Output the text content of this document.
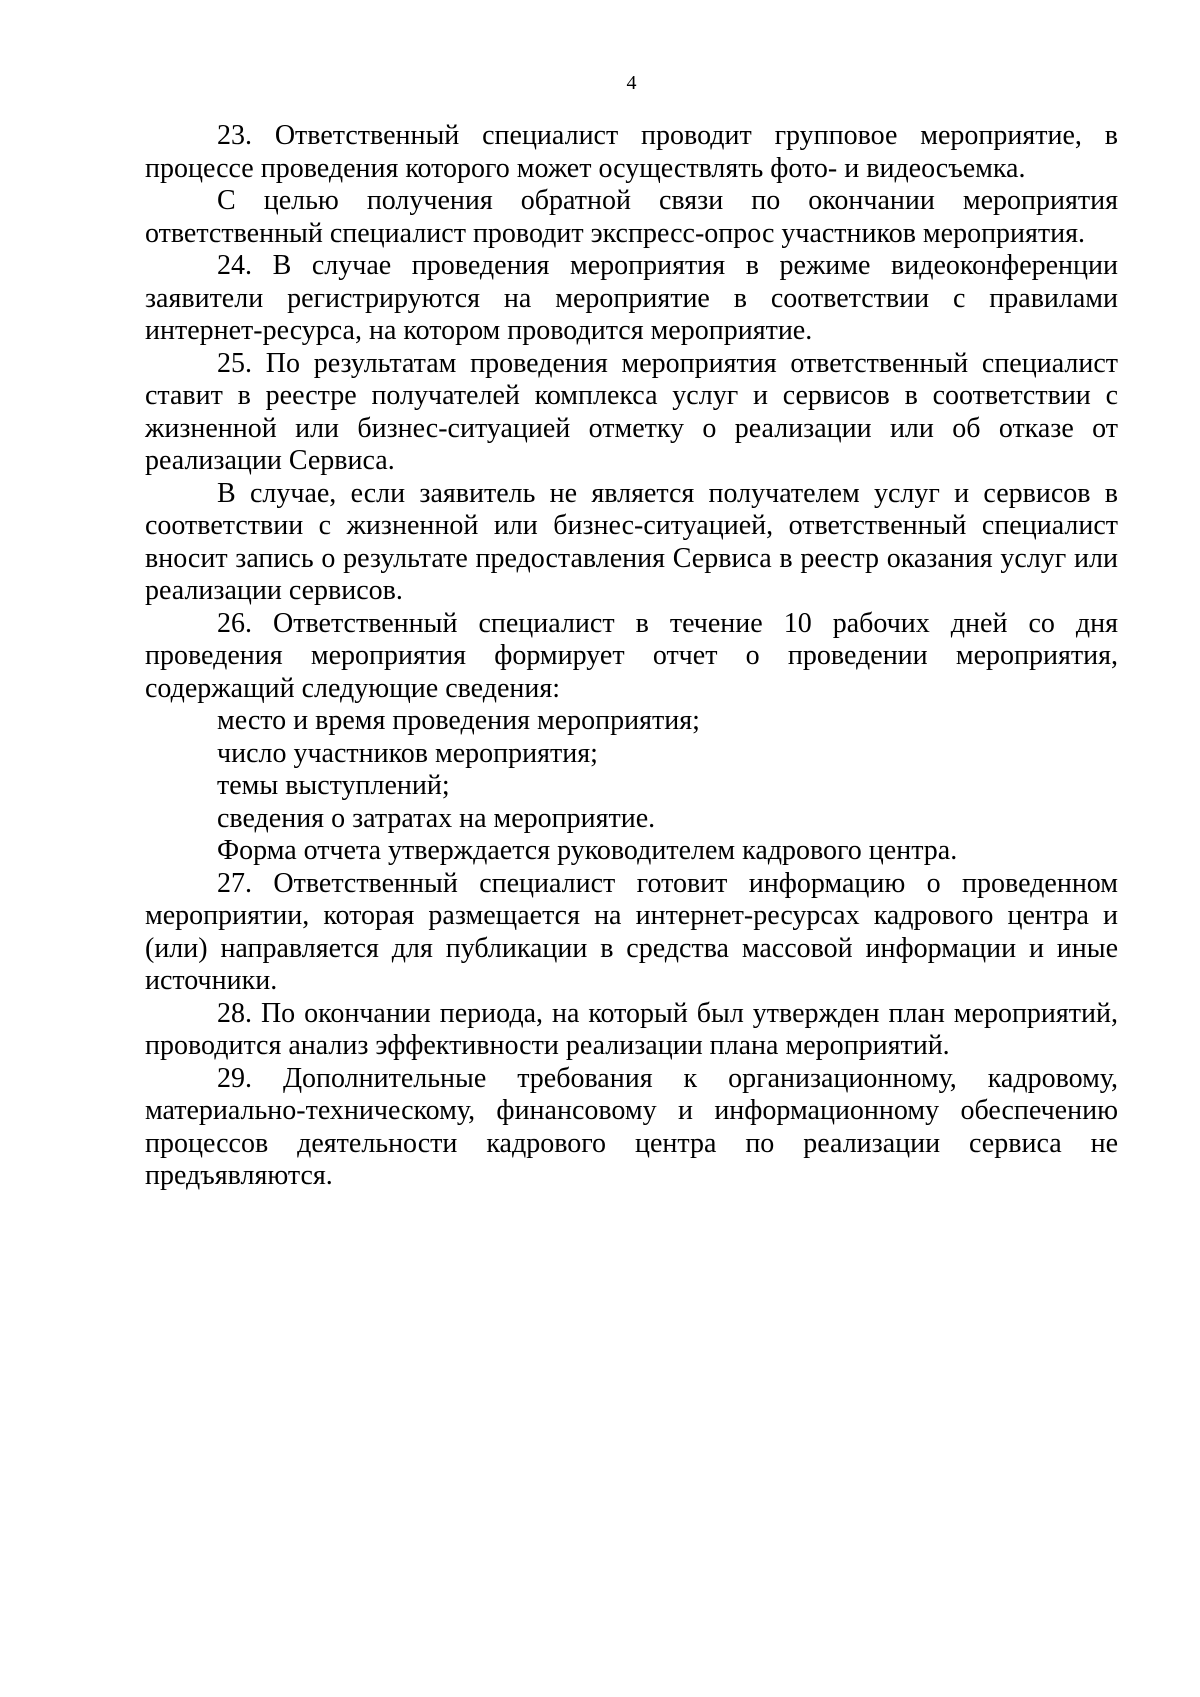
4

23. Ответственный специалист проводит групповое мероприятие, в процессе проведения которого может осуществлять фото- и видеосъемка.

С целью получения обратной связи по окончании мероприятия ответственный специалист проводит экспресс-опрос участников мероприятия.

24. В случае проведения мероприятия в режиме видеоконференции заявители регистрируются на мероприятие в соответствии с правилами интернет-ресурса, на котором проводится мероприятие.

25. По результатам проведения мероприятия ответственный специалист ставит в реестре получателей комплекса услуг и сервисов в соответствии с жизненной или бизнес-ситуацией отметку о реализации или об отказе от реализации Сервиса.

В случае, если заявитель не является получателем услуг и сервисов в соответствии с жизненной или бизнес-ситуацией, ответственный специалист вносит запись о результате предоставления Сервиса в реестр оказания услуг или реализации сервисов.

26. Ответственный специалист в течение 10 рабочих дней со дня проведения мероприятия формирует отчет о проведении мероприятия, содержащий следующие сведения:

место и время проведения мероприятия;

число участников мероприятия;

темы выступлений;

сведения о затратах на мероприятие.

Форма отчета утверждается руководителем кадрового центра.

27. Ответственный специалист готовит информацию о проведенном мероприятии, которая размещается на интернет-ресурсах кадрового центра и (или) направляется для публикации в средства массовой информации и иные источники.

28. По окончании периода, на который был утвержден план мероприятий, проводится анализ эффективности реализации плана мероприятий.

29. Дополнительные требования к организационному, кадровому, материально-техническому, финансовому и информационному обеспечению процессов деятельности кадрового центра по реализации сервиса не предъявляются.
